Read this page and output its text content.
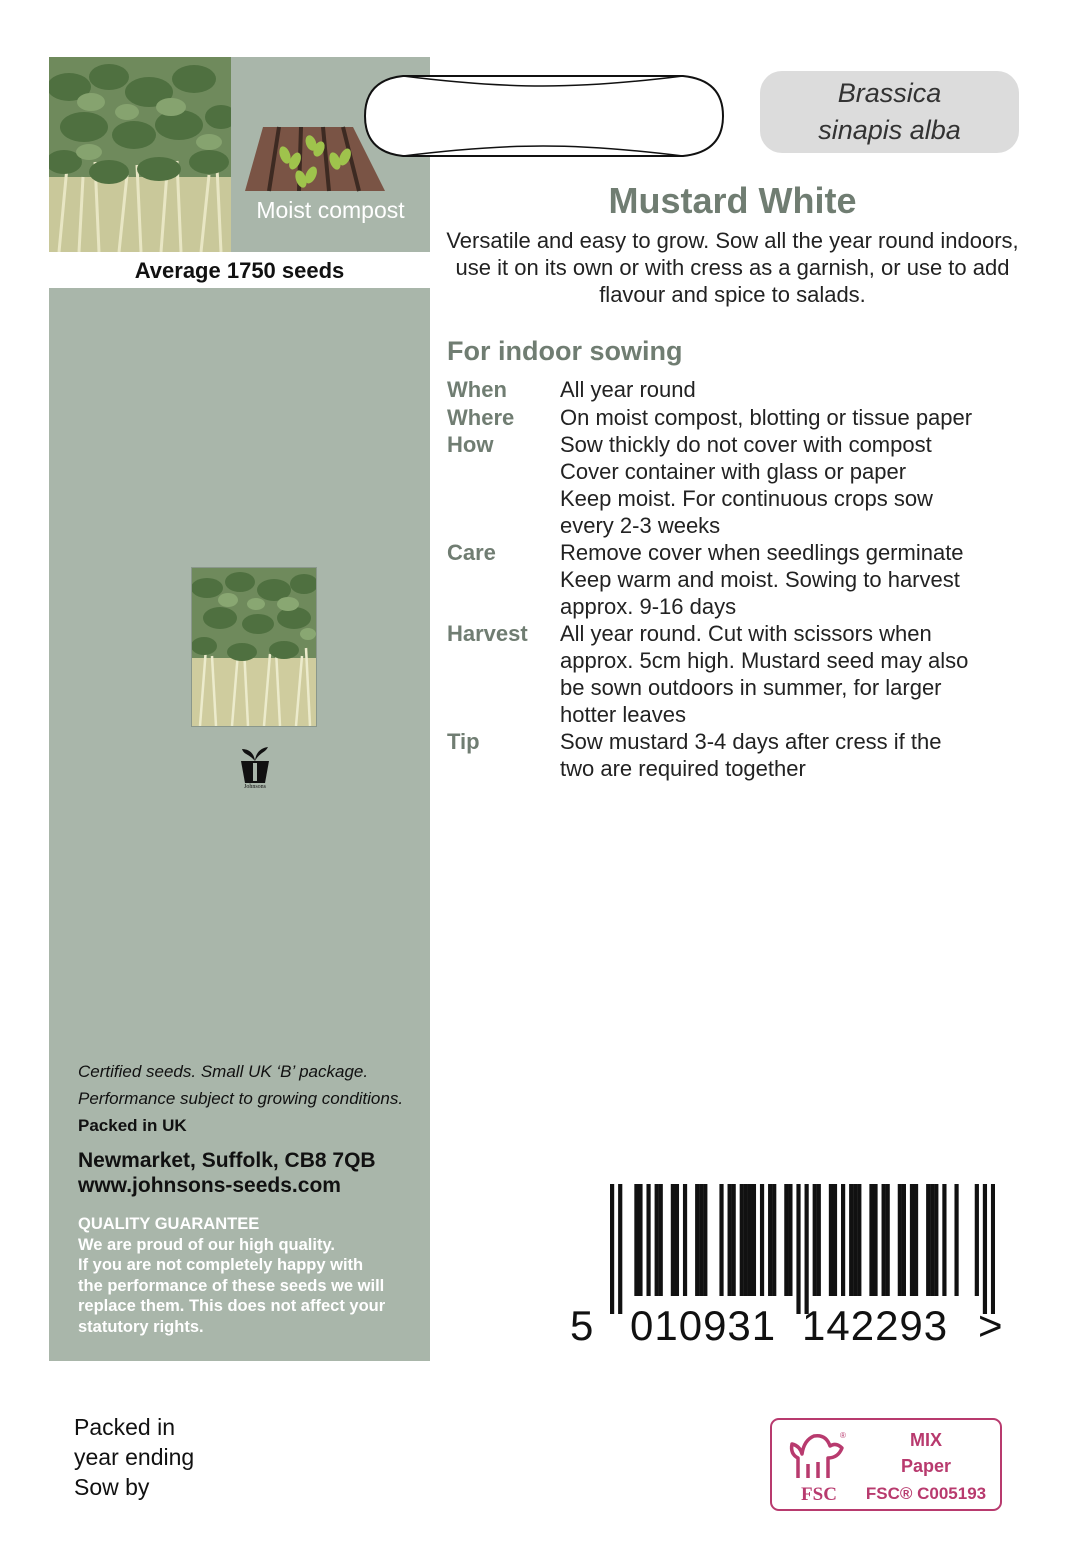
Moist compost
Average 1750 seeds
Johnsons
Certified seeds. Small UK ‘B’ package.
Performance subject to growing conditions.
Packed in UK
Newmarket, Suffolk, CB8 7QB
www.johnsons-seeds.com
QUALITY GUARANTEE
We are proud of our high quality.
If you are not completely happy with
the performance of these seeds we will
replace them. This does not affect your
statutory rights.
Brassica
sinapis alba
Mustard White
Versatile and easy to grow. Sow all the year round indoors, use it on its own or with cress as a garnish, or use to add flavour and spice to salads.
For indoor sowing
When	All year round
Where	On moist compost, blotting or tissue paper
How	Sow thickly do not cover with compost
Cover container with glass or paper
Keep moist. For continuous crops sow
every 2-3 weeks
Care	Remove cover when seedlings germinate
Keep warm and moist. Sowing to harvest
approx. 9-16 days
Harvest	All year round. Cut with scissors when
approx. 5cm high. Mustard seed may also
be sown outdoors in summer, for larger
hotter leaves
Tip	Sow mustard 3-4 days after cress if the
two are required together
5 010931 142293 >
Packed in
year ending
Sow by
®
FSC
MIX
Paper
FSC® C005193
